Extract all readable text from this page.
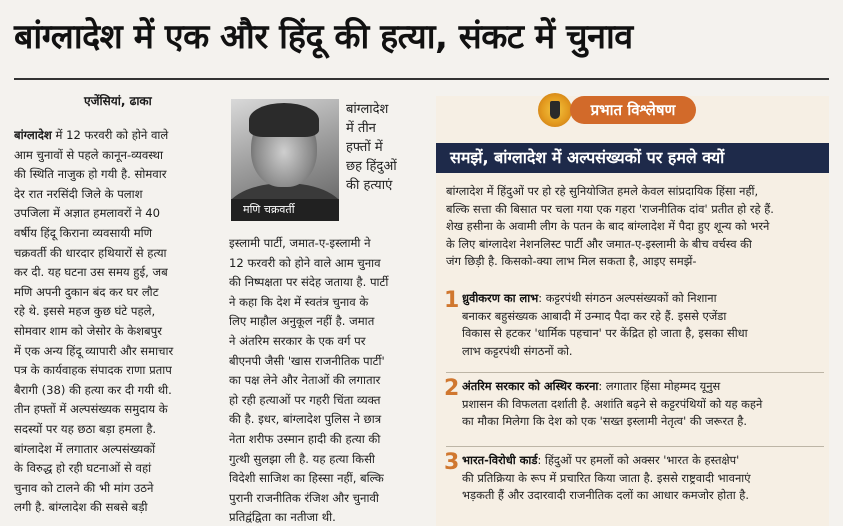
बांग्लादेश में एक और हिंदू की हत्या, संकट में चुनाव
एजेंसियां, ढाका

बांग्लादेश में 12 फरवरी को होने वाले

आम चुनावों से पहले कानून-व्यवस्था

की स्थिति नाजुक हो गयी है. सोमवार

देर रात नरसिंदी जिले के पलाश

उपजिला में अज्ञात हमलावरों ने 40

वर्षीय हिंदू किराना व्यवसायी मणि

चक्रवर्ती की धारदार हथियारों से हत्या

कर दी. यह घटना उस समय हुई, जब

मणि अपनी दुकान बंद कर घर लौट

रहे थे. इससे महज कुछ घंटे पहले,

सोमवार शाम को जेसोर के केशबपुर

में एक अन्य हिंदू व्यापारी और समाचार

पत्र के कार्यवाहक संपादक राणा प्रताप

बैरागी (38) की हत्या कर दी गयी थी.

तीन हफ्तों में अल्पसंख्यक समुदाय के

सदस्यों पर यह छठा बड़ा हमला है.

बांग्लादेश में लगातार अल्पसंख्यकों

के विरुद्ध हो रही घटनाओं से वहां

चुनाव को टालने की भी मांग उठने

लगी है. बांग्लादेश की सबसे बड़ी

मणि चक्रवर्ती
बांग्लादेश
में तीन
हफ्तों में
छह हिंदुओं
की हत्याएं

इस्लामी पार्टी, जमात-ए-इस्लामी ने

12 फरवरी को होने वाले आम चुनाव

की निष्पक्षता पर संदेह जताया है. पार्टी

ने कहा कि देश में स्वतंत्र चुनाव के

लिए माहौल अनुकूल नहीं है. जमात

ने अंतरिम सरकार के एक वर्ग पर

बीएनपी जैसी 'खास राजनीतिक पार्टी'

का पक्ष लेने और नेताओं की लगातार

हो रही हत्याओं पर गहरी चिंता व्यक्त

की है. इधर, बांग्लादेश पुलिस ने छात्र

नेता शरीफ उस्मान हादी की हत्या की

गुत्थी सुलझा ली है. यह हत्या किसी

विदेशी साजिश का हिस्सा नहीं, बल्कि

पुरानी राजनीतिक रंजिश और चुनावी

प्रतिद्वंद्विता का नतीजा थी.

प्रभात विश्लेषण
समझें, बांग्लादेश में अल्पसंख्यकों पर हमले क्यों
बांग्लादेश में हिंदुओं पर हो रहे सुनियोजित हमले केवल सांप्रदायिक हिंसा नहीं,
बल्कि सत्ता की बिसात पर चला गया एक गहरा 'राजनीतिक दांव' प्रतीत हो रहे हैं.
शेख हसीना के अवामी लीग के पतन के बाद बांग्लादेश में पैदा हुए शून्य को भरने
के लिए बांग्लादेश नेशनलिस्ट पार्टी और जमात-ए-इस्लामी के बीच वर्चस्व की
जंग छिड़ी है. किसको-क्या लाभ मिल सकता है, आइए समझें-
1 ध्रुवीकरण का लाभ: कट्टरपंथी संगठन अल्पसंख्यकों को निशाना
बनाकर बहुसंख्यक आबादी में उन्माद पैदा कर रहे हैं. इससे एजेंडा
विकास से हटकर 'धार्मिक पहचान' पर केंद्रित हो जाता है, इसका सीधा
लाभ कट्टरपंथी संगठनों को.
2 अंतरिम सरकार को अस्थिर करना: लगातार हिंसा मोहम्मद यूनुस
प्रशासन की विफलता दर्शाती है. अशांति बढ़ने से कट्टरपंथियों को यह कहने
का मौका मिलेगा कि देश को एक 'सख्त इस्लामी नेतृत्व' की जरूरत है.
3 भारत-विरोधी कार्ड: हिंदुओं पर हमलों को अक्सर 'भारत के हस्तक्षेप'
की प्रतिक्रिया के रूप में प्रचारित किया जाता है. इससे राष्ट्रवादी भावनाएं
भड़कती हैं और उदारवादी राजनीतिक दलों का आधार कमजोर होता है.
